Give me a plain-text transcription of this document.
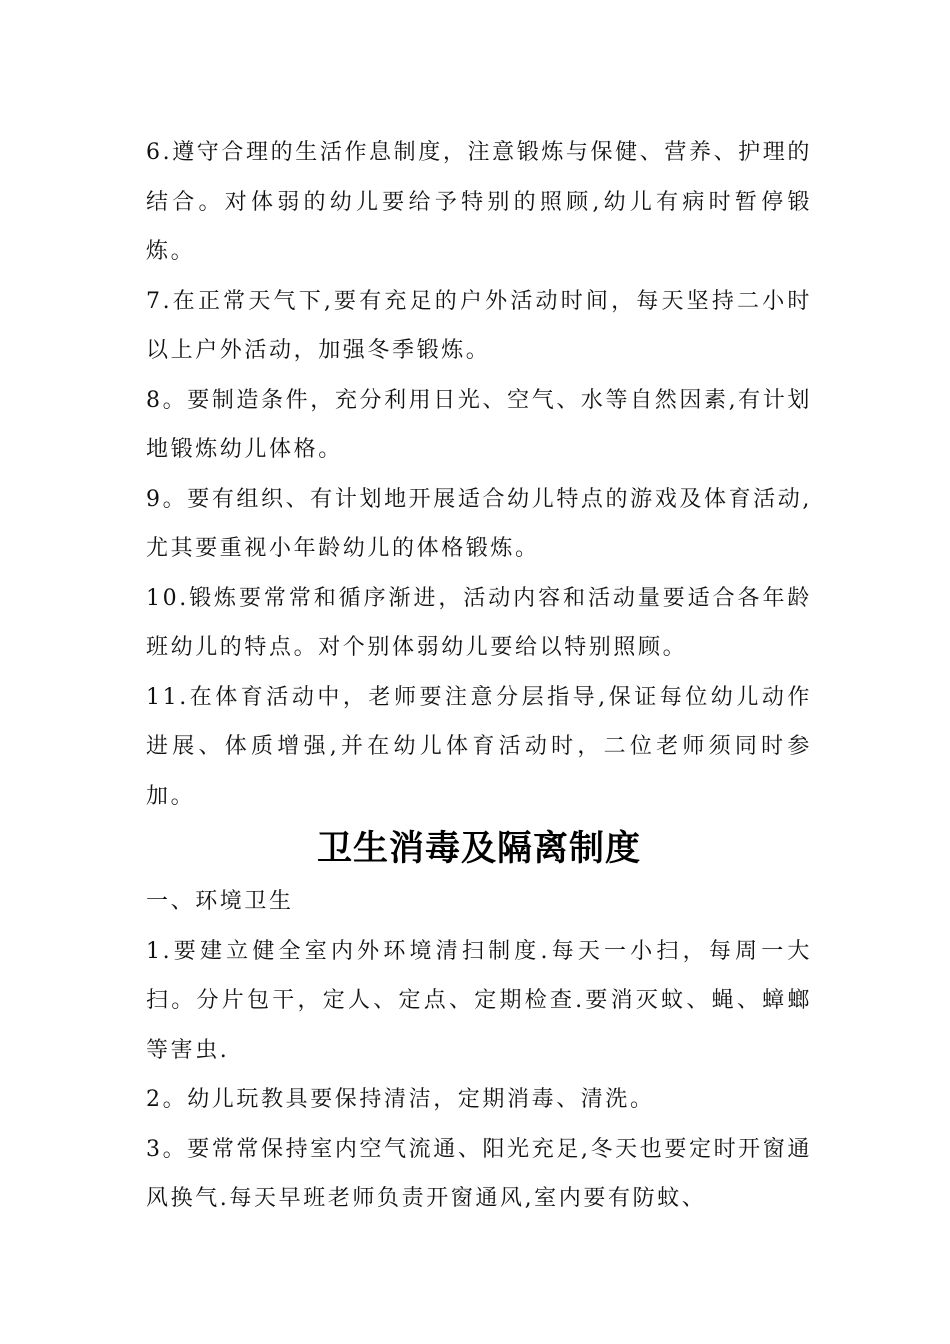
6.遵守合理的生活作息制度，注意锻炼与保健、营养、护理的结合。对体弱的幼儿要给予特别的照顾,幼儿有病时暂停锻炼。

7.在正常天气下,要有充足的户外活动时间，每天坚持二小时以上户外活动，加强冬季锻炼。

8。要制造条件，充分利用日光、空气、水等自然因素,有计划地锻炼幼儿体格。

9。要有组织、有计划地开展适合幼儿特点的游戏及体育活动,尤其要重视小年龄幼儿的体格锻炼。

10.锻炼要常常和循序渐进，活动内容和活动量要适合各年龄班幼儿的特点。对个别体弱幼儿要给以特别照顾。

11.在体育活动中，老师要注意分层指导,保证每位幼儿动作进展、体质增强,并在幼儿体育活动时，二位老师须同时参加。

卫生消毒及隔离制度

一、环境卫生

1.要建立健全室内外环境清扫制度.每天一小扫，每周一大扫。分片包干，定人、定点、定期检查.要消灭蚊、蝇、蟑螂等害虫.

2。幼儿玩教具要保持清洁，定期消毒、清洗。

3。要常常保持室内空气流通、阳光充足,冬天也要定时开窗通风换气.每天早班老师负责开窗通风,室内要有防蚊、
